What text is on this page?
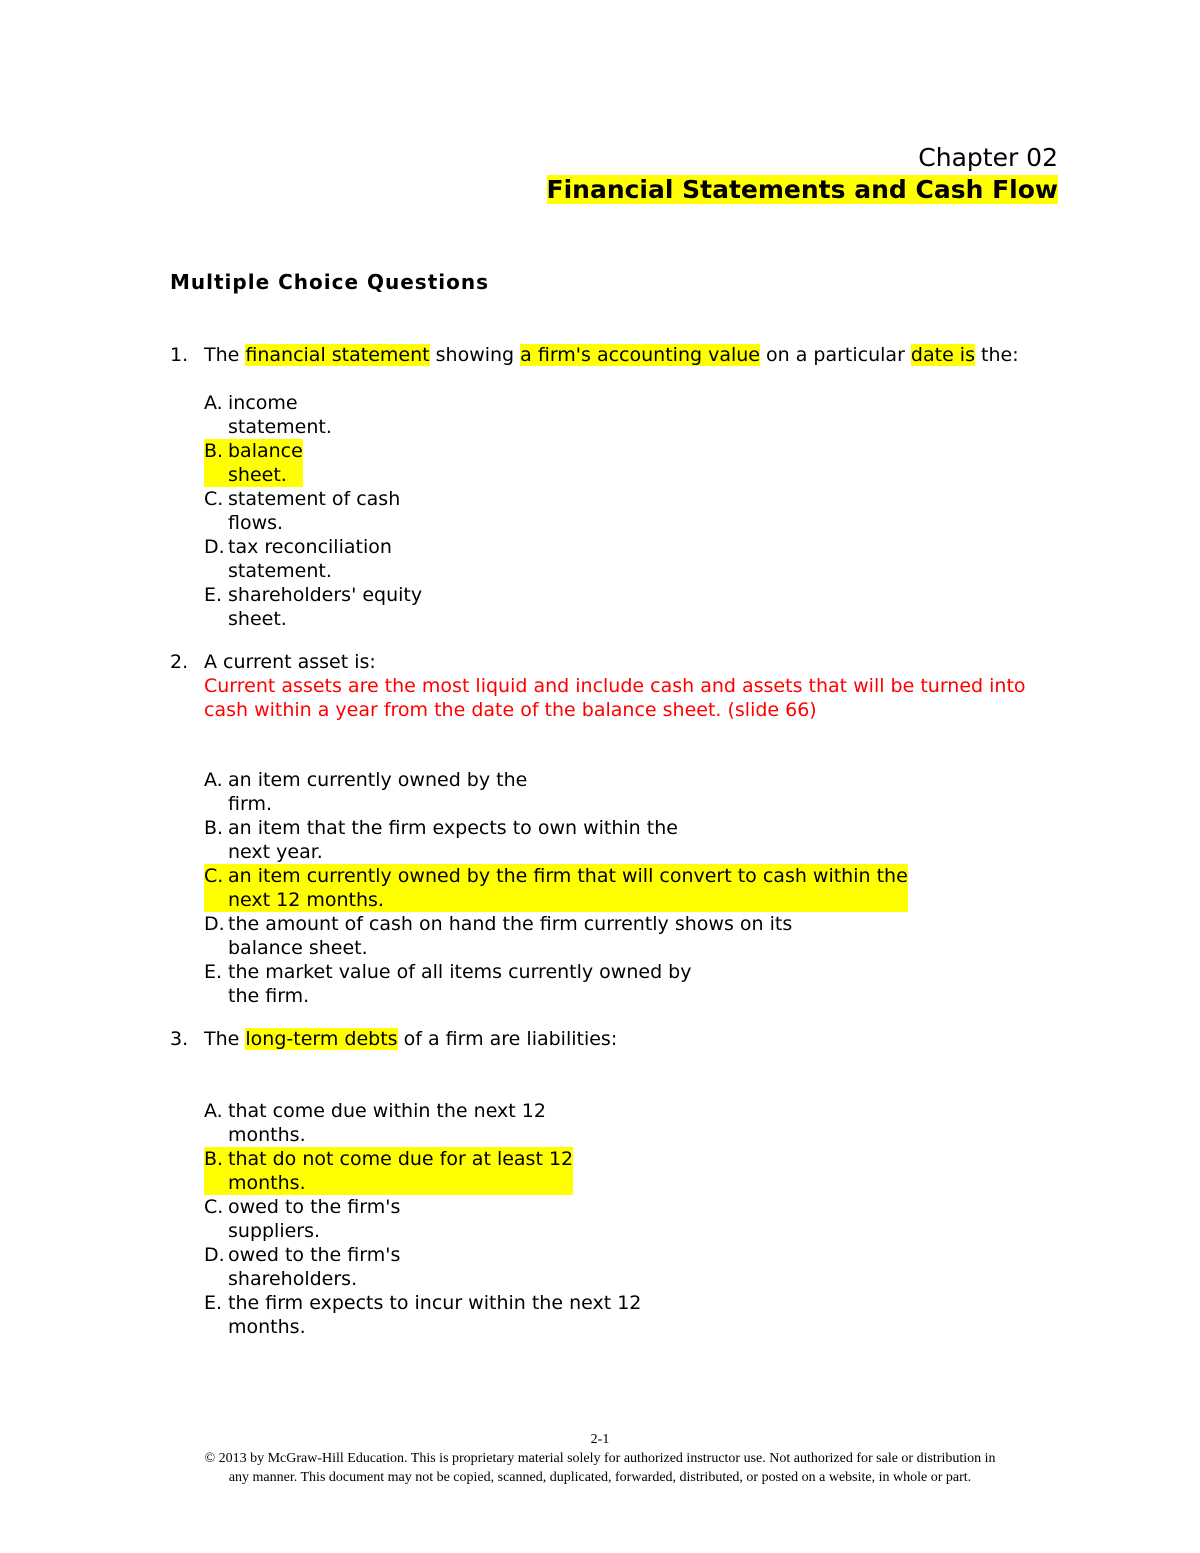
Chapter 02
Financial Statements and Cash Flow
Multiple Choice Questions
1. The financial statement showing a firm's accounting value on a particular date is the:
A. income
statement.
B. balance
sheet.
C. statement of cash
flows.
D. tax reconciliation
statement.
E. shareholders' equity
sheet.
2. A current asset is:
Current assets are the most liquid and include cash and assets that will be turned into cash within a year from the date of the balance sheet. (slide 66)
A. an item currently owned by the
firm.
B. an item that the firm expects to own within the
next year.
C. an item currently owned by the firm that will convert to cash within the
next 12 months.
D. the amount of cash on hand the firm currently shows on its
balance sheet.
E. the market value of all items currently owned by
the firm.
3. The long-term debts of a firm are liabilities:
A. that come due within the next 12
months.
B. that do not come due for at least 12
months.
C. owed to the firm's
suppliers.
D. owed to the firm's
shareholders.
E. the firm expects to incur within the next 12
months.
2-1
© 2013 by McGraw-Hill Education. This is proprietary material solely for authorized instructor use. Not authorized for sale or distribution in
any manner. This document may not be copied, scanned, duplicated, forwarded, distributed, or posted on a website, in whole or part.
